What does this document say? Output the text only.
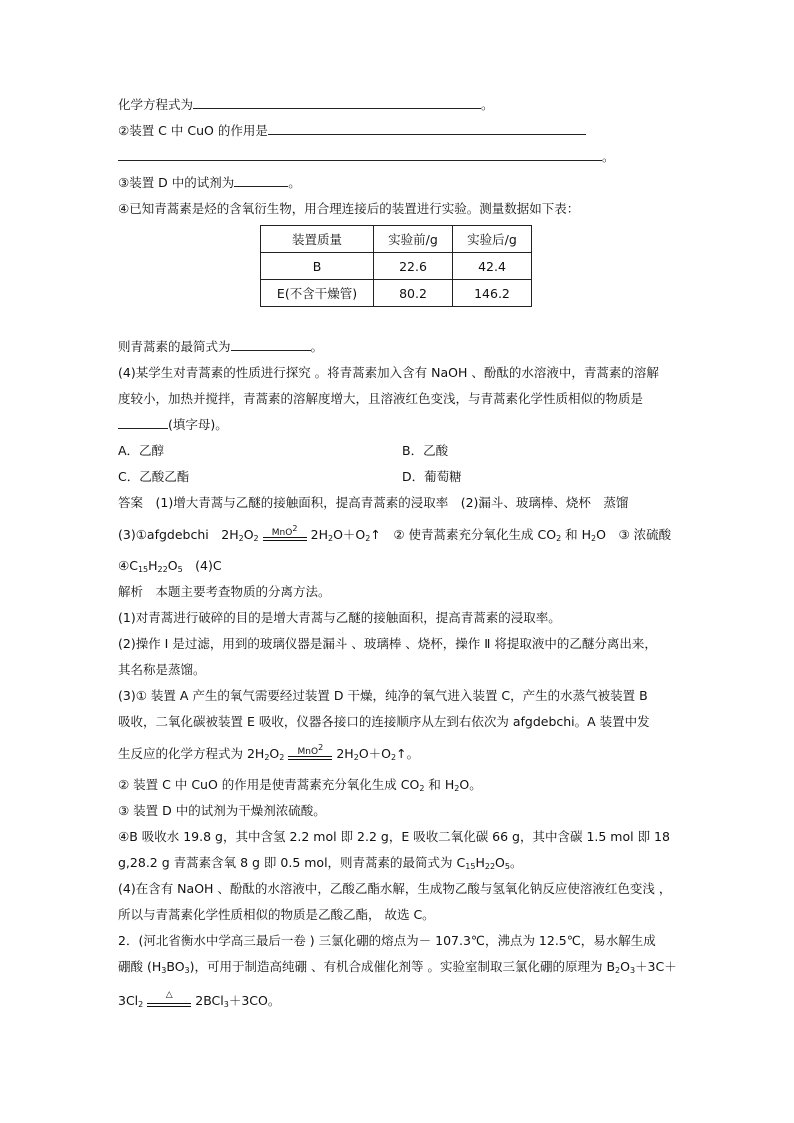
化学方程式为	。
②装置 C 中 CuO 的作用是
。
③装置 D 中的试剂为	。
④已知青蒿素是烃的含氧衍生物，用合理连接后的装置进行实验。测量数据如下表：
装置质量	实验前/g	实验后/g
B	22.6	42.4
E(不含干燥管)	80.2	146.2
则青蒿素的最简式为	。
(4)某学生对青蒿素的性质进行探究 。将青蒿素加入含有 NaOH 、酚酞的水溶液中，青蒿素的溶解
度较小，加热并搅拌，青蒿素的溶解度增大，且溶液红色变浅，与青蒿素化学性质相似的物质是
(填字母)。
A．乙醇	B．乙酸
C．乙酸乙酯	D．葡萄糖
答案　(1)增大青蒿与乙醚的接触面积，提高青蒿素的浸取率　(2)漏斗、玻璃棒、烧杯　蒸馏
(3)①afgdebchi　$2H_2O_2$
MnO$^2$	$2H_2O+O_2↑$　② 使青蒿素充分氧化生成 $CO_2$ 和 $H_2O$　③ 浓硫酸
$④C_{15}H_{22}O_5$　(4)C
解析　本题主要考查物质的分离方法。
(1)对青蒿进行破碎的目的是增大青蒿与乙醚的接触面积，提高青蒿素的浸取率。
(2)操作 Ⅰ 是过滤，用到的玻璃仪器是漏斗 、玻璃棒 、烧杯，操作 Ⅱ 将提取液中的乙醚分离出来，
其名称是蒸馏。
(3)① 装置 A 产生的氧气需要经过装置 D 干燥，纯净的氧气进入装置 C，产生的水蒸气被装置 B
吸收，二氧化碳被装置 E 吸收，仪器各接口的连接顺序从左到右依次为 afgdebchi。A 装置中发
生反应的化学方程式为 $2H_2O_2$
MnO$^2$	$2H_2O+O_2↑$。
② 装置 C 中 CuO 的作用是使青蒿素充分氧化生成 $CO_2$ 和 $H_2O$。
③ 装置 D 中的试剂为干燥剂浓硫酸。
④B 吸收水 19.8 g，其中含氢 2.2 mol 即 2.2 g，E 吸收二氧化碳 66 g，其中含碳 1.5 mol 即 18
g,28.2 g 青蒿素含氧 8 g 即 0.5 mol，则青蒿素的最简式为 $C_{15}H_{22}O_5$。
(4)在含有 NaOH 、酚酞的水溶液中，乙酸乙酯水解，生成物乙酸与氢氧化钠反应使溶液红色变浅 ，
所以与青蒿素化学性质相似的物质是乙酸乙酯， 故选 C。
2．(河北省衡水中学高三最后一卷 ) 三氯化硼的熔点为－ 107.3℃，沸点为 12.5℃，易水解生成
硼酸 $(H_3BO_3)$，可用于制造高纯硼 、有机合成催化剂等 。实验室制取三氯化硼的原理为 $B_2O_3+3C+$
$3Cl_2$
△	2BCl$_3$＋3CO。
